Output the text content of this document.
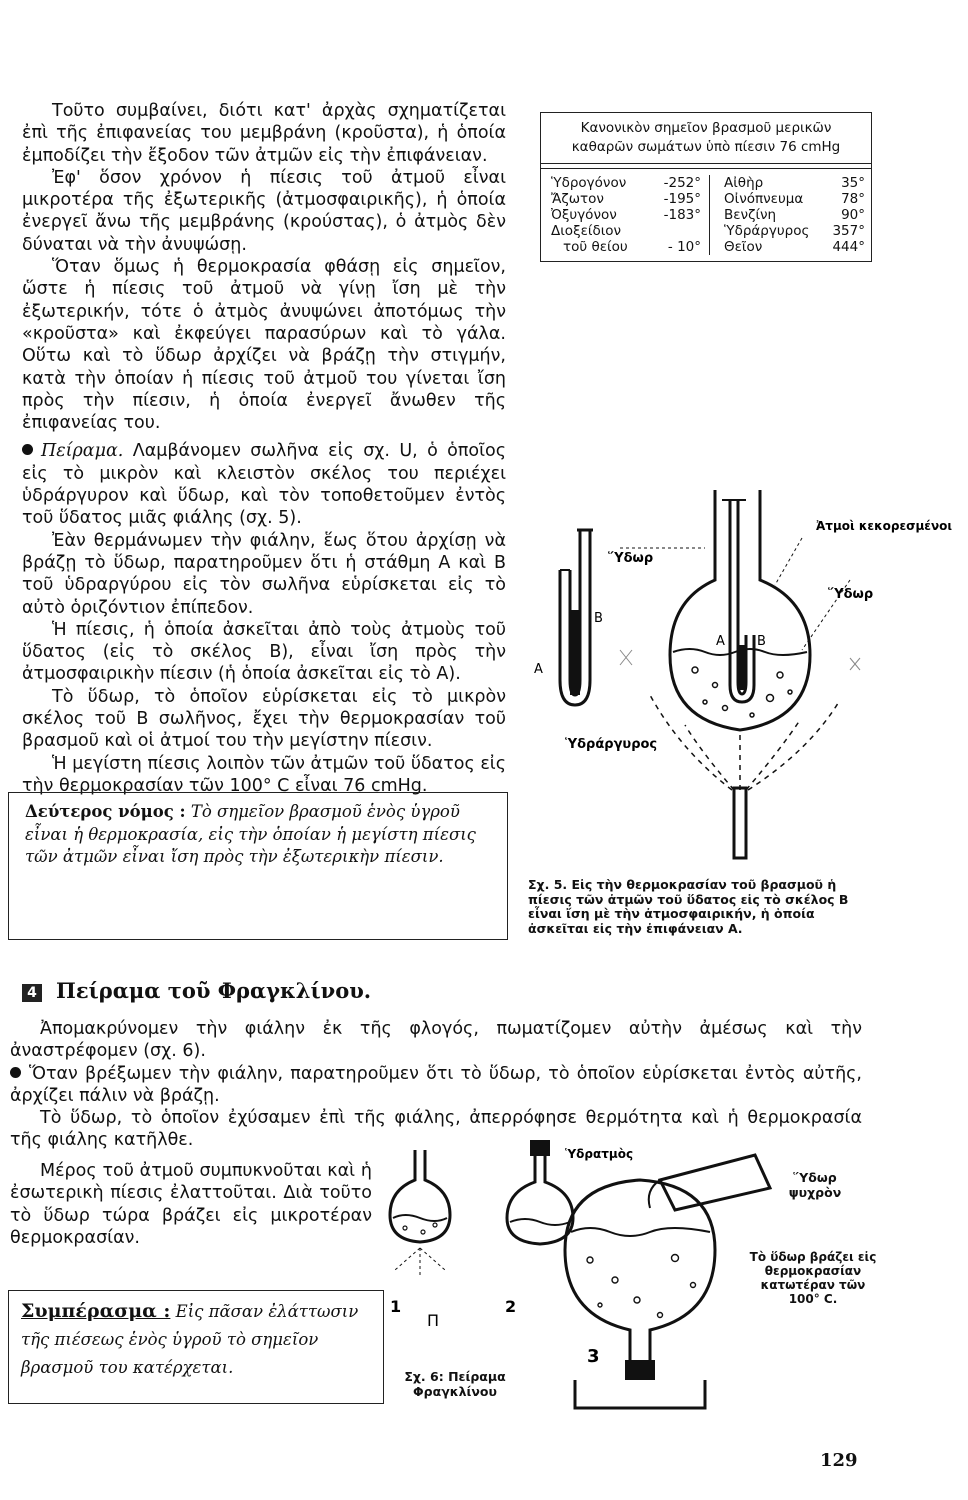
Τοῦτο συμβαίνει, διότι κατ' ἀρχὰς σχηματίζεται ἐπὶ τῆς ἐπιφανείας του μεμβράνη (κροῦστα), ἡ ὁποία ἐμποδίζει τὴν ἔξοδον τῶν ἀτμῶν εἰς τὴν ἐπιφάνειαν.

Ἐφ' ὅσον χρόνον ἡ πίεσις τοῦ ἀτμοῦ εἶναι μικροτέρα τῆς ἐξωτερικῆς (ἀτμοσφαιρικῆς), ἡ ὁποία ἐνεργεῖ ἄνω τῆς μεμβράνης (κρούστας), ὁ ἀτμὸς δὲν δύναται νὰ τὴν ἀνυψώσῃ.

Ὅταν ὅμως ἡ θερμοκρασία φθάσῃ εἰς σημεῖον, ὥστε ἡ πίεσις τοῦ ἀτμοῦ νὰ γίνῃ ἴση μὲ τὴν ἐξωτερικήν, τότε ὁ ἀτμὸς ἀνυψώνει ἀποτόμως τὴν «κροῦστα» καὶ ἐκφεύγει παρασύρων καὶ τὸ γάλα. Οὕτω καὶ τὸ ὕδωρ ἀρχίζει νὰ βράζῃ τὴν στιγμήν, κατὰ τὴν ὁποίαν ἡ πίεσις τοῦ ἀτμοῦ του γίνεται ἴση πρὸς τὴν πίεσιν, ἡ ὁποία ἐνεργεῖ ἄνωθεν τῆς ἐπιφανείας του.

Πείραμα. Λαμβάνομεν σωλῆνα εἰς σχ. U, ὁ ὁποῖος εἰς τὸ μικρὸν καὶ κλειστὸν σκέλος του περιέχει ὑδράργυρον καὶ ὕδωρ, καὶ τὸν τοποθετοῦμεν ἐντὸς τοῦ ὕδατος μιᾶς φιάλης (σχ. 5).

Ἐὰν θερμάνωμεν τὴν φιάλην, ἕως ὅτου ἀρχίσῃ νὰ βράζῃ τὸ ὕδωρ, παρατηροῦμεν ὅτι ἡ στάθμη Α καὶ Β τοῦ ὑδραργύρου εἰς τὸν σωλῆνα εὑρίσκεται εἰς τὸ αὐτὸ ὁριζόντιον ἐπίπεδον.

Ἡ πίεσις, ἡ ὁποία ἀσκεῖται ἀπὸ τοὺς ἀτμοὺς τοῦ ὕδατος (εἰς τὸ σκέλος Β), εἶναι ἴση πρὸς τὴν ἀτμοσφαιρικὴν πίεσιν (ἡ ὁποία ἀσκεῖται εἰς τὸ Α).

Τὸ ὕδωρ, τὸ ὁποῖον εὑρίσκεται εἰς τὸ μικρὸν σκέλος τοῦ Β σωλῆνος, ἔχει τὴν θερμοκρασίαν τοῦ βρασμοῦ καὶ οἱ ἀτμοί του τὴν μεγίστην πίεσιν.

Ἡ μεγίστη πίεσις λοιπὸν τῶν ἀτμῶν τοῦ ὕδατος εἰς τὴν θερμοκρασίαν τῶν 100° C εἶναι 76 cmHg.

Κανονικὸν σημεῖον βρασμοῦ μερικῶν καθαρῶν σωμάτων ὑπὸ πίεσιν 76 cmHg
Ὑδρογόνον	-252°
Ἄζωτον	-195°
Ὀξυγόνον	-183°
Διοξείδιον
τοῦ θείου	- 10°
Αἰθὴρ	35°
Οἰνόπνευμα	78°
Βενζίνη	90°
Ὑδράργυρος 357°
Θεῖον	444°
Ὕδωρ
Ὑδράργυρος
Ἀτμοὶ κεκορεσμένοι
Ὕδωρ
Α
Β
Α Β
Σχ. 5. Εἰς τὴν θερμοκρασίαν τοῦ βρασμοῦ ἡ πίεσις τῶν ἀτμῶν τοῦ ὕδατος εἰς τὸ σκέλος Β εἶναι ἴση μὲ τὴν ἀτμοσφαιρικήν, ἡ ὁποία ἀσκεῖται εἰς τὴν ἐπιφάνειαν Α.
Δεύτερος νόμος : Τὸ σημεῖον βρασμοῦ ἑνὸς ὑγροῦ εἶναι ἡ θερμοκρασία, εἰς τὴν ὁποίαν ἡ μεγίστη πίεσις τῶν ἀτμῶν εἶναι ἴση πρὸς τὴν ἐξωτερικὴν πίεσιν.
4 Πείραμα τοῦ Φραγκλίνου.

Ἀπομακρύνομεν τὴν φιάλην ἐκ τῆς φλογός, πωματίζομεν αὐτὴν ἀμέσως καὶ τὴν ἀναστρέφομεν (σχ. 6).

Ὅταν βρέξωμεν τὴν φιάλην, παρατηροῦμεν ὅτι τὸ ὕδωρ, τὸ ὁποῖον εὑρίσκεται ἐντὸς αὐτῆς, ἀρχίζει πάλιν νὰ βράζῃ.

Τὸ ὕδωρ, τὸ ὁποῖον ἐχύσαμεν ἐπὶ τῆς φιάλης, ἀπερρόφησε θερμότητα καὶ ἡ θερμοκρασία τῆς φιάλης κατῆλθε.

Μέρος τοῦ ἀτμοῦ συμπυκνοῦται καὶ ἡ ἐσωτερικὴ πίεσις ἐλαττοῦται. Διὰ τοῦτο τὸ ὕδωρ τώρα βράζει εἰς μικροτέραν θερμοκρασίαν.

Συμπέρασμα : Εἰς πᾶσαν ἐλάττωσιν τῆς πιέσεως ἑνὸς ὑγροῦ τὸ σημεῖον βρασμοῦ του κατέρχεται.
1
Π
2
3
Ὑδρατμὸς
Ὕδωρ ψυχρὸν
Τὸ ὕδωρ βράζει εἰς θερμοκρασίαν κατωτέραν τῶν 100° C.
Σχ. 6: Πείραμα Φραγκλίνου
129
